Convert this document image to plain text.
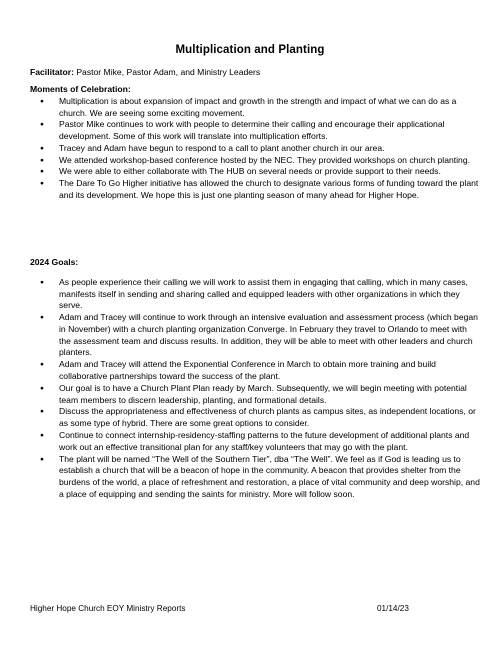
Multiplication and Planting
Facilitator: Pastor Mike, Pastor Adam, and Ministry Leaders
Moments of Celebration:
● Multiplication is about expansion of impact and growth in the strength and impact of what we can do as a church. We are seeing some exciting movement.
● Pastor Mike continues to work with people to determine their calling and encourage their applicational development. Some of this work will translate into multiplication efforts.
● Tracey and Adam have begun to respond to a call to plant another church in our area.
● We attended workshop-based conference hosted by the NEC. They provided workshops on church planting.
● We were able to either collaborate with The HUB on several needs or provide support to their needs.
● The Dare To Go Higher initiative has allowed the church to designate various forms of funding toward the plant and its development. We hope this is just one planting season of many ahead for Higher Hope.
2024 Goals:
● As people experience their calling we will work to assist them in engaging that calling, which in many cases, manifests itself in sending and sharing called and equipped leaders with other organizations in which they serve.
● Adam and Tracey will continue to work through an intensive evaluation and assessment process (which began in November) with a church planting organization Converge. In February they travel to Orlando to meet with the assessment team and discuss results. In addition, they will be able to meet with other leaders and church planters.
● Adam and Tracey will attend the Exponential Conference in March to obtain more training and build collaborative partnerships toward the success of the plant.
● Our goal is to have a Church Plant Plan ready by March. Subsequently, we will begin meeting with potential team members to discern leadership, planting, and formational details.
● Discuss the appropriateness and effectiveness of church plants as campus sites, as independent locations, or as some type of hybrid. There are some great options to consider.
● Continue to connect internship-residency-staffing patterns to the future development of additional plants and work out an effective transitional plan for any staff/key volunteers that may go with the plant.
● The plant will be named “The Well of the Southern Tier”, dba “The Well”. We feel as if God is leading us to establish a church that will be a beacon of hope in the community. A beacon that provides shelter from the burdens of the world, a place of refreshment and restoration, a place of vital community and deep worship, and a place of equipping and sending the saints for ministry. More will follow soon.
Higher Hope Church EOY Ministry Reports	01/14/23
